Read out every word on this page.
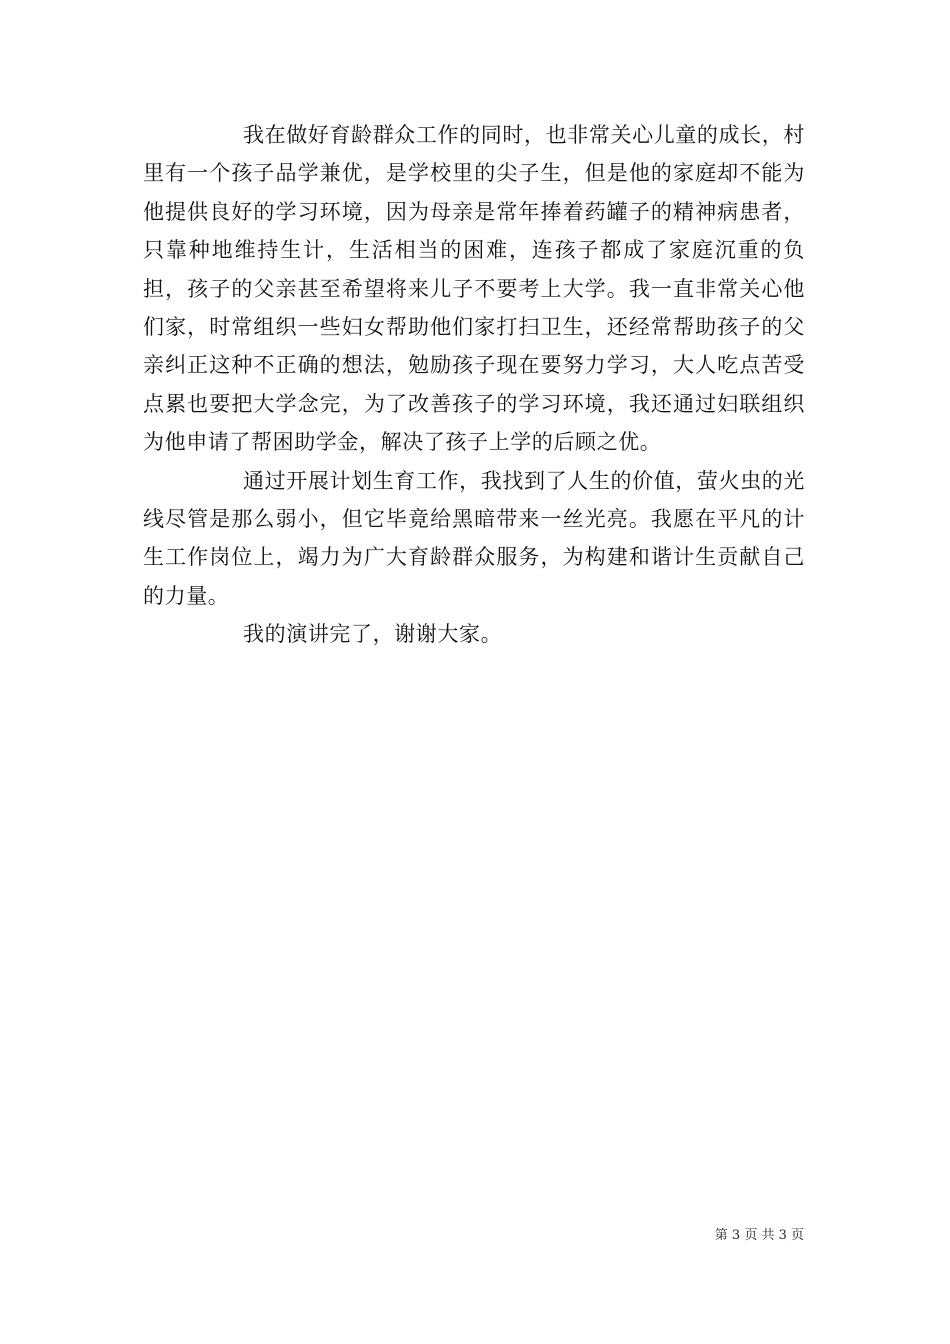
我在做好育龄群众工作的同时，也非常关心儿童的成长，村里有一个孩子品学兼优，是学校里的尖子生，但是他的家庭却不能为他提供良好的学习环境，因为母亲是常年捧着药罐子的精神病患者，只靠种地维持生计，生活相当的困难，连孩子都成了家庭沉重的负担，孩子的父亲甚至希望将来儿子不要考上大学。我一直非常关心他们家，时常组织一些妇女帮助他们家打扫卫生，还经常帮助孩子的父亲纠正这种不正确的想法，勉励孩子现在要努力学习，大人吃点苦受点累也要把大学念完，为了改善孩子的学习环境，我还通过妇联组织为他申请了帮困助学金，解决了孩子上学的后顾之优。

通过开展计划生育工作，我找到了人生的价值，萤火虫的光线尽管是那么弱小，但它毕竟给黑暗带来一丝光亮。我愿在平凡的计生工作岗位上，竭力为广大育龄群众服务，为构建和谐计生贡献自己的力量。

我的演讲完了，谢谢大家。

第 3 页 共 3 页
